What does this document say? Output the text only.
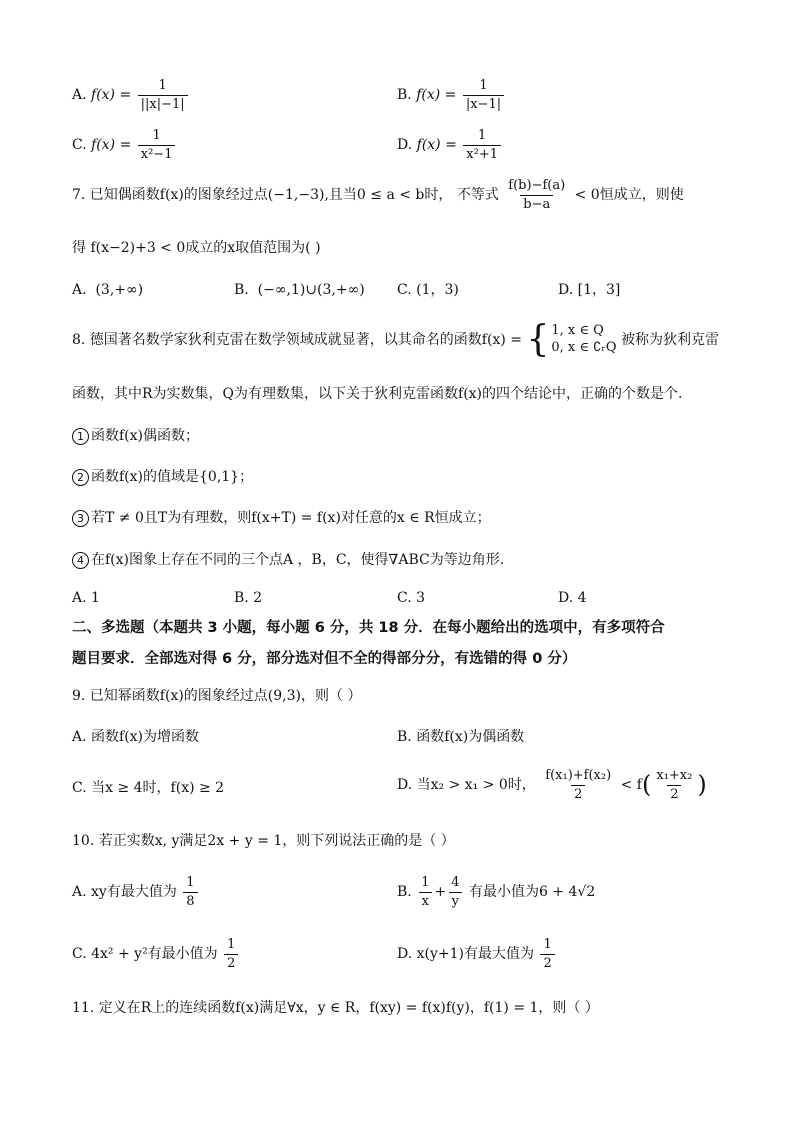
A. $f(x) = \frac{1}{||x|-1|}$	B. $f(x) = \frac{1}{|x-1|}$
C. $f(x) = \frac{1}{\text{x²−1}}$	D. $f(x) = \frac{1}{\text{x²+1}}$
7. 已知偶函数f(x)的图象经过点(−1,−3),且当0 ≤ a < b时， 不等式 $\frac{f(b)-f(a)}{b-a} < 0$恒成立，则使
得 f(x−2)+3 < 0成立的x取值范围为( )
A. (3,+∞)	B. (−∞,1)∪(3,+∞) C. (1，3)	D. [1，3]
8. 德国著名数学家狄利克雷在数学领域成就显著，以其命名的函数f(x) = { 1, x ∈ Q
0, x ∈ ∁ᵣQ 被称为狄利克雷
函数，其中R为实数集，Q为有理数集，以下关于狄利克雷函数f(x)的四个结论中，正确的个数是个.
1 函数f(x)偶函数；
2 函数f(x)的值域是{0,1}；
3 若T ≠ 0且T为有理数，则f(x+T) = f(x)对任意的x ∈ R恒成立；
4 在f(x)图象上存在不同的三个点A ，B，C，使得∇ABC为等边角形.
A. 1	B. 2	C. 3	D. 4
二、多选题（本题共 3 小题，每小题 6 分，共 18 分．在每小题给出的选项中，有多项符合
题目要求．全部选对得 6 分，部分选对但不全的得部分分，有选错的得 0 分）
9. 已知幂函数f(x)的图象经过点(9,3)，则（ ）
A. 函数f(x)为增函数	B. 函数f(x)为偶函数
C. 当x ≥ 4时，f(x) ≥ 2	D. 当x₂ > x₁ > 0时， $\frac{\text{f(x₁)+f(x₂)}}{2} < f( \frac{\text{x₁+x₂}}{2}$ )
10. 若正实数x, y满足2x + y = 1，则下列说法正确的是（ ）
A. xy有最大值为 $\frac{1}{8}$	B. $\frac{1}{x} + \frac{4}{y}$ 有最小值为6 + 4√2
C. 4x² + y²有最小值为 $\frac{1}{2}$	D. x(y+1)有最大值为 $\frac{1}{2}$
11. 定义在R上的连续函数f(x)满足∀x，y ∈ R，f(xy) = f(x)f(y)，f(1) = 1，则（ ）
